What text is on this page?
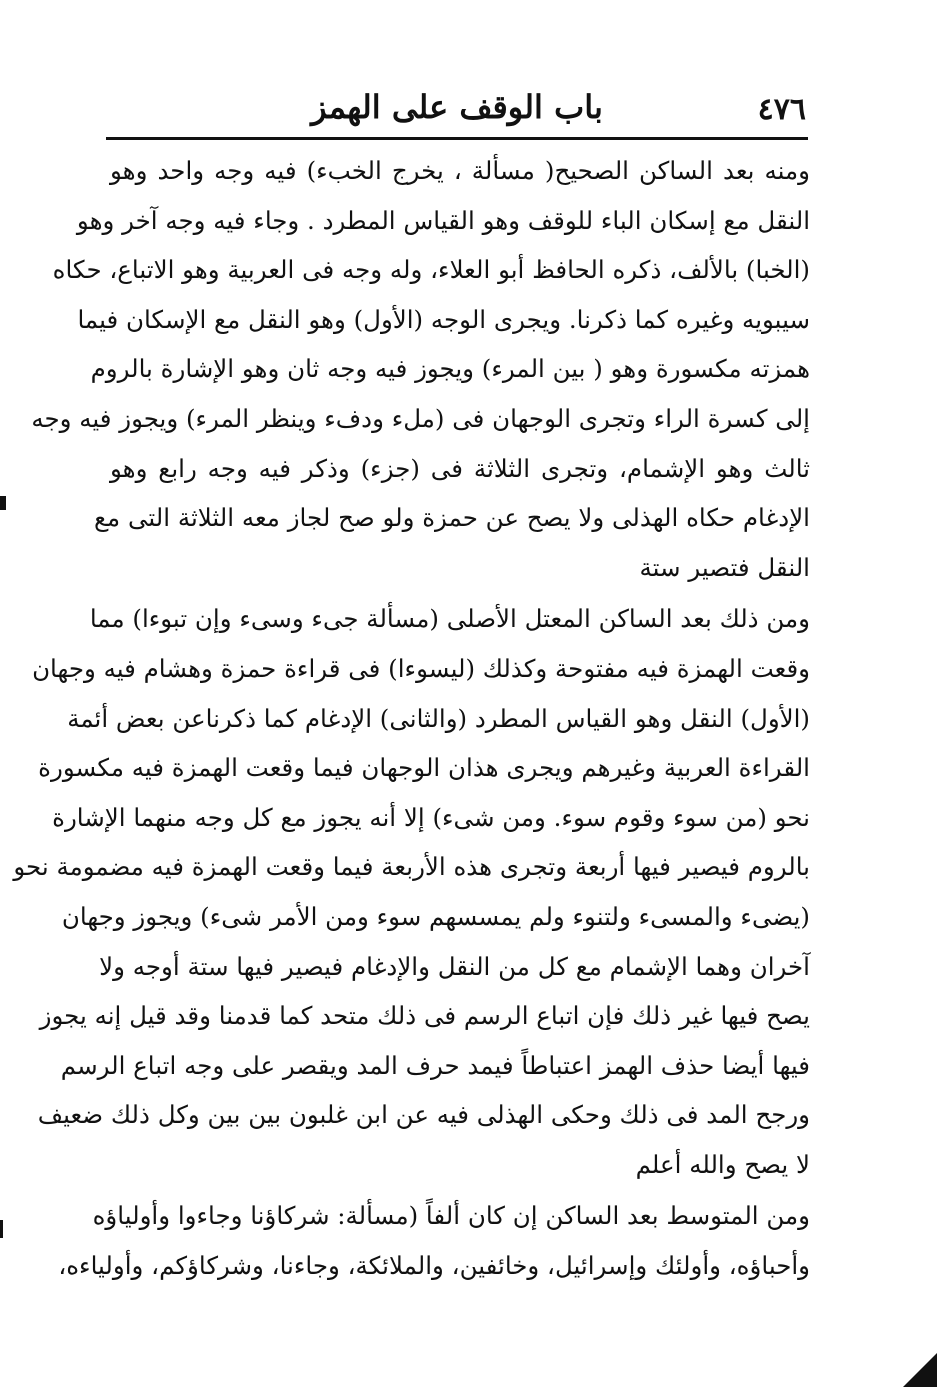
٤٧٦
باب الوقف على الهمز
ومنه بعد الساكن الصحيح( مسألة ، يخرج الخبء) فيه وجه واحد وهو
النقل مع إسكان الباء للوقف وهو القياس المطرد . وجاء فيه وجه آخر وهو
(الخبا) بالألف، ذكره الحافظ أبو العلاء، وله وجه فى العربية وهو الاتباع، حكاه
سيبويه وغيره كما ذكرنا. ويجرى الوجه (الأول) وهو النقل مع الإسكان فيما
همزته مكسورة وهو ( بين المرء) ويجوز فيه وجه ثان وهو الإشارة بالروم
إلى كسرة الراء وتجرى الوجهان فى (ملء ودفء وينظر المرء) ويجوز فيه وجه
ثالث وهو الإشمام، وتجرى الثلاثة فى (جزء) وذكر فيه وجه رابع وهو
الإدغام حكاه الهذلى ولا يصح عن حمزة ولو صح لجاز معه الثلاثة التى مع
النقل فتصير ستة
ومن ذلك بعد الساكن المعتل الأصلى (مسألة جىء وسىء وإن تبوءا) مما
وقعت الهمزة فيه مفتوحة وكذلك (ليسوءا) فى قراءة حمزة وهشام فيه وجهان
(الأول) النقل وهو القياس المطرد (والثانى) الإدغام كما ذكرناعن بعض أئمة
القراءة العربية وغيرهم ويجرى هذان الوجهان فيما وقعت الهمزة فيه مكسورة
نحو (من سوء وقوم سوء. ومن شىء) إلا أنه يجوز مع كل وجه منهما الإشارة
بالروم فيصير فيها أربعة وتجرى هذه الأربعة فيما وقعت الهمزة فيه مضمومة نحو
(يضىء والمسىء ولتنوء ولم يمسسهم سوء ومن الأمر شىء) ويجوز وجهان
آخران وهما الإشمام مع كل من النقل والإدغام فيصير فيها ستة أوجه ولا
يصح فيها غير ذلك فإن اتباع الرسم فى ذلك متحد كما قدمنا وقد قيل إنه يجوز
فيها أيضا حذف الهمز اعتباطاً فيمد حرف المد ويقصر على وجه اتباع الرسم
ورجح المد فى ذلك وحكى الهذلى فيه عن ابن غلبون بين بين وكل ذلك ضعيف
لا يصح والله أعلم
ومن المتوسط بعد الساكن إن كان ألفاً (مسألة: شركاؤنا وجاءوا وأولياؤه
وأحباؤه، وأولئك وإسرائيل، وخائفين، والملائكة، وجاءنا، وشركاؤكم، وأولياءه،
